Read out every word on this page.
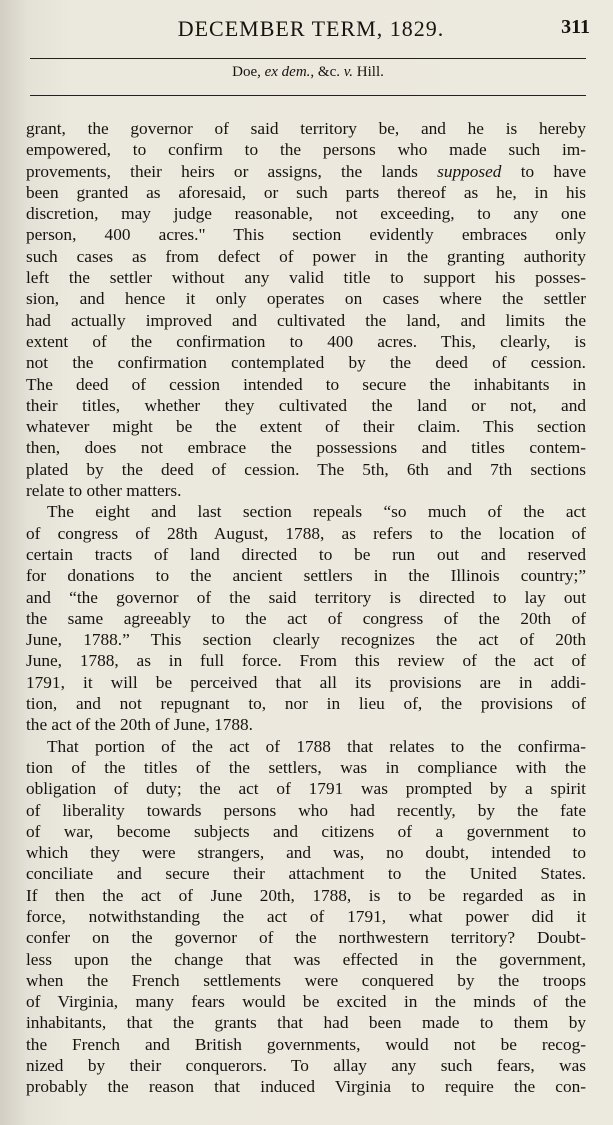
DECEMBER TERM, 1829.	311
Doe, ex dem., &c. v. Hill.
grant, the governor of said territory be, and he is hereby
empowered, to confirm to the persons who made such im-
provements, their heirs or assigns, the lands supposed to have
been granted as aforesaid, or such parts thereof as he, in his
discretion, may judge reasonable, not exceeding, to any one
person, 400 acres." This section evidently embraces only
such cases as from defect of power in the granting authority
left the settler without any valid title to support his posses-
sion, and hence it only operates on cases where the settler
had actually improved and cultivated the land, and limits the
extent of the confirmation to 400 acres. This, clearly, is
not the confirmation contemplated by the deed of cession.
The deed of cession intended to secure the inhabitants in
their titles, whether they cultivated the land or not, and
whatever might be the extent of their claim. This section
then, does not embrace the possessions and titles contem-
plated by the deed of cession. The 5th, 6th and 7th sections
relate to other matters.
The eight and last section repeals “so much of the act
of congress of 28th August, 1788, as refers to the location of
certain tracts of land directed to be run out and reserved
for donations to the ancient settlers in the Illinois country;”
and “the governor of the said territory is directed to lay out
the same agreeably to the act of congress of the 20th of
June, 1788.” This section clearly recognizes the act of 20th
June, 1788, as in full force. From this review of the act of
1791, it will be perceived that all its provisions are in addi-
tion, and not repugnant to, nor in lieu of, the provisions of
the act of the 20th of June, 1788.
That portion of the act of 1788 that relates to the confirma-
tion of the titles of the settlers, was in compliance with the
obligation of duty; the act of 1791 was prompted by a spirit
of liberality towards persons who had recently, by the fate
of war, become subjects and citizens of a government to
which they were strangers, and was, no doubt, intended to
conciliate and secure their attachment to the United States.
If then the act of June 20th, 1788, is to be regarded as in
force, notwithstanding the act of 1791, what power did it
confer on the governor of the northwestern territory? Doubt-
less upon the change that was effected in the government,
when the French settlements were conquered by the troops
of Virginia, many fears would be excited in the minds of the
inhabitants, that the grants that had been made to them by
the French and British governments, would not be recog-
nized by their conquerors. To allay any such fears, was
probably the reason that induced Virginia to require the con-
